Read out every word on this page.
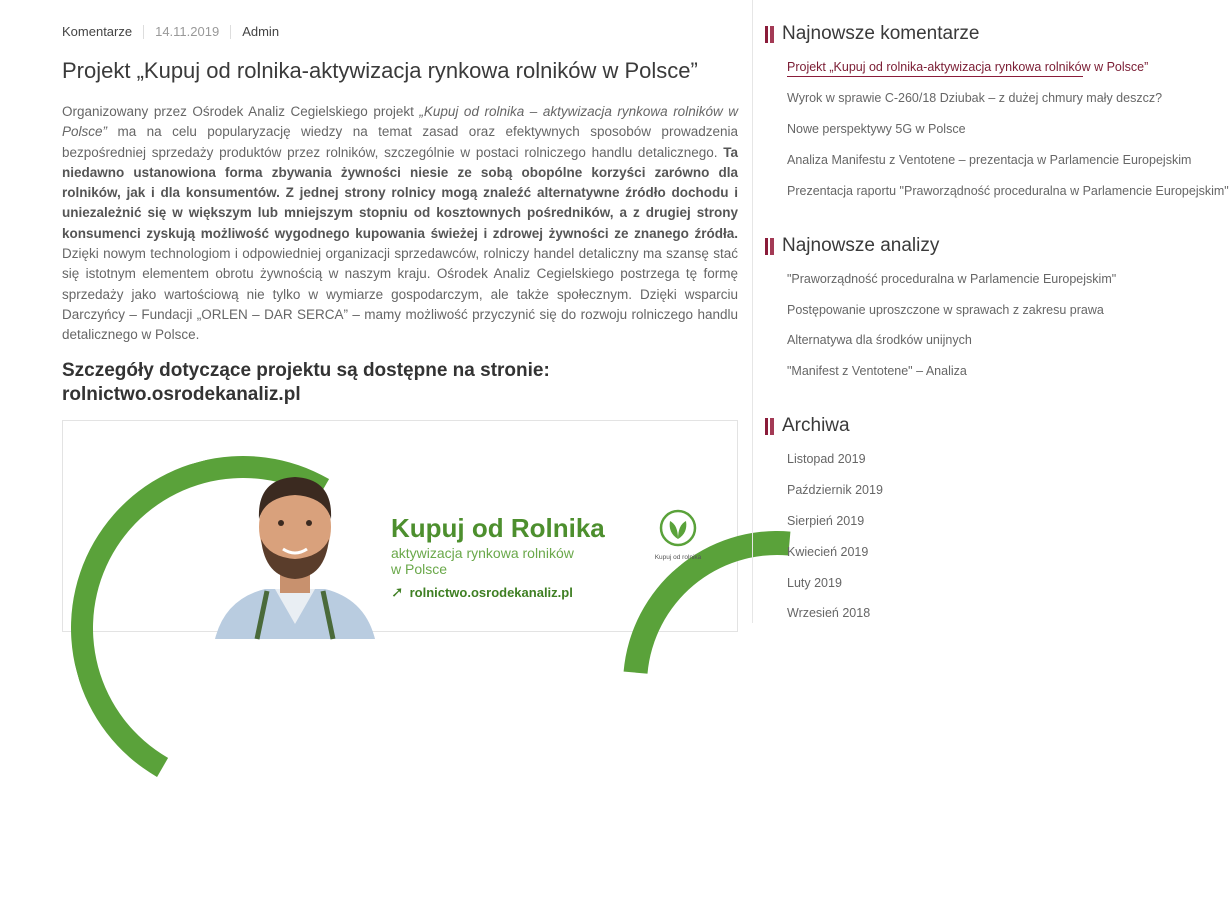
Komentarze 14.11.2019 Admin
Projekt „Kupuj od rolnika-aktywizacja rynkowa rolników w Polsce”

Organizowany przez Ośrodek Analiz Cegielskiego projekt „Kupuj od rolnika – aktywizacja rynkowa rolników w Polsce” ma na celu popularyzację wiedzy na temat zasad oraz efektywnych sposobów prowadzenia bezpośredniej sprzedaży produktów przez rolników, szczególnie w postaci rolniczego handlu detalicznego. Ta niedawno ustanowiona forma zbywania żywności niesie ze sobą obopólne korzyści zarówno dla rolników, jak i dla konsumentów. Z jednej strony rolnicy mogą znaleźć alternatywne źródło dochodu i uniezależnić się w większym lub mniejszym stopniu od kosztownych pośredników, a z drugiej strony konsumenci zyskują możliwość wygodnego kupowania świeżej i zdrowej żywności ze znanego źródła. Dzięki nowym technologiom i odpowiedniej organizacji sprzedawców, rolniczy handel detaliczny ma szansę stać się istotnym elementem obrotu żywnością w naszym kraju. Ośrodek Analiz Cegielskiego postrzega tę formę sprzedaży jako wartościową nie tylko w wymiarze gospodarczym, ale także społecznym. Dzięki wsparciu Darczyńcy – Fundacji „ORLEN – DAR SERCA” – mamy możliwość przyczynić się do rozwoju rolniczego handlu detalicznego w Polsce.

Szczegóły dotyczące projektu są dostępne na stronie: rolnictwo.osrodekanaliz.pl
Kupuj od Rolnika
aktywizacja rynkowa rolników
w Polsce
➚ rolnictwo.osrodekanaliz.pl
Kupuj od rolnika
Najnowsze komentarze
Projekt „Kupuj od rolnika-aktywizacja rynkowa rolników w Polsce”
Wyrok w sprawie C-260/18 Dziubak – z dużej chmury mały deszcz?
Nowe perspektywy 5G w Polsce
Analiza Manifestu z Ventotene – prezentacja w Parlamencie Europejskim
Prezentacja raportu "Praworządność proceduralna w Parlamencie Europejskim"
Najnowsze analizy
"Praworządność proceduralna w Parlamencie Europejskim"
Postępowanie uproszczone w sprawach z zakresu prawa
Alternatywa dla środków unijnych
"Manifest z Ventotene" – Analiza
Archiwa
Listopad 2019
Październik 2019
Sierpień 2019
Kwiecień 2019
Luty 2019
Wrzesień 2018
